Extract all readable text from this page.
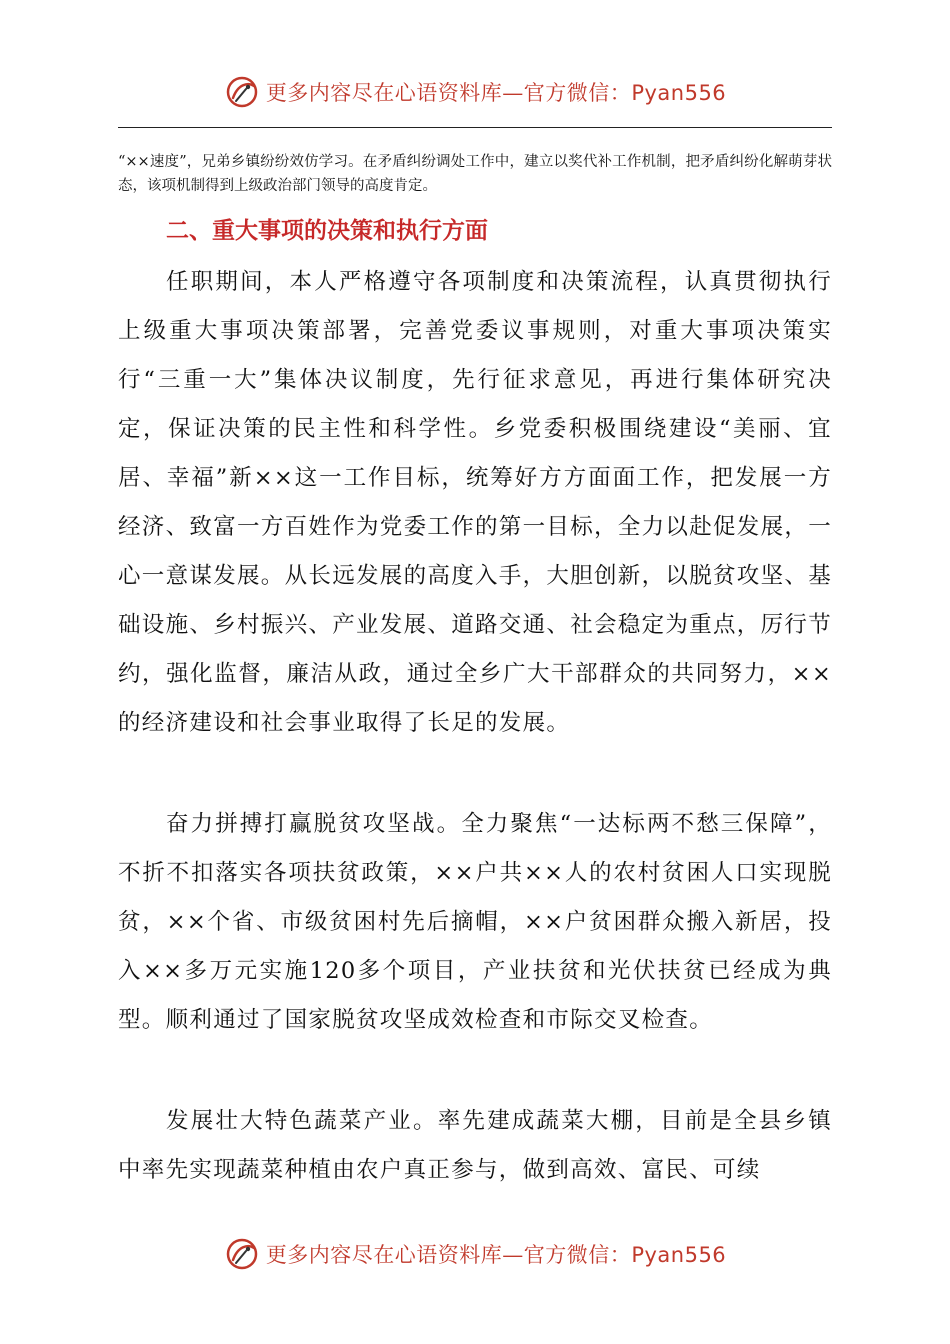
更多内容尽在心语资料库—官方微信：Pyan556
“××速度”，兄弟乡镇纷纷效仿学习。在矛盾纠纷调处工作中，建立以奖代补工作机制，把矛盾纠纷化解萌芽状态，该项机制得到上级政治部门领导的高度肯定。
二、重大事项的决策和执行方面
任职期间，本人严格遵守各项制度和决策流程，认真贯彻执行上级重大事项决策部署，完善党委议事规则，对重大事项决策实行“三重一大”集体决议制度，先行征求意见，再进行集体研究决定，保证决策的民主性和科学性。乡党委积极围绕建设“美丽、宜居、幸福”新××这一工作目标，统筹好方方面面工作，把发展一方经济、致富一方百姓作为党委工作的第一目标，全力以赴促发展，一心一意谋发展。从长远发展的高度入手，大胆创新，以脱贫攻坚、基础设施、乡村振兴、产业发展、道路交通、社会稳定为重点，厉行节约，强化监督，廉洁从政，通过全乡广大干部群众的共同努力，××的经济建设和社会事业取得了长足的发展。
奋力拼搏打赢脱贫攻坚战。全力聚焦“一达标两不愁三保障”，不折不扣落实各项扶贫政策，××户共××人的农村贫困人口实现脱贫，××个省、市级贫困村先后摘帽，××户贫困群众搬入新居，投入××多万元实施120多个项目，产业扶贫和光伏扶贫已经成为典型。顺利通过了国家脱贫攻坚成效检查和市际交叉检查。
发展壮大特色蔬菜产业。率先建成蔬菜大棚，目前是全县乡镇中率先实现蔬菜种植由农户真正参与，做到高效、富民、可续
更多内容尽在心语资料库—官方微信：Pyan556
